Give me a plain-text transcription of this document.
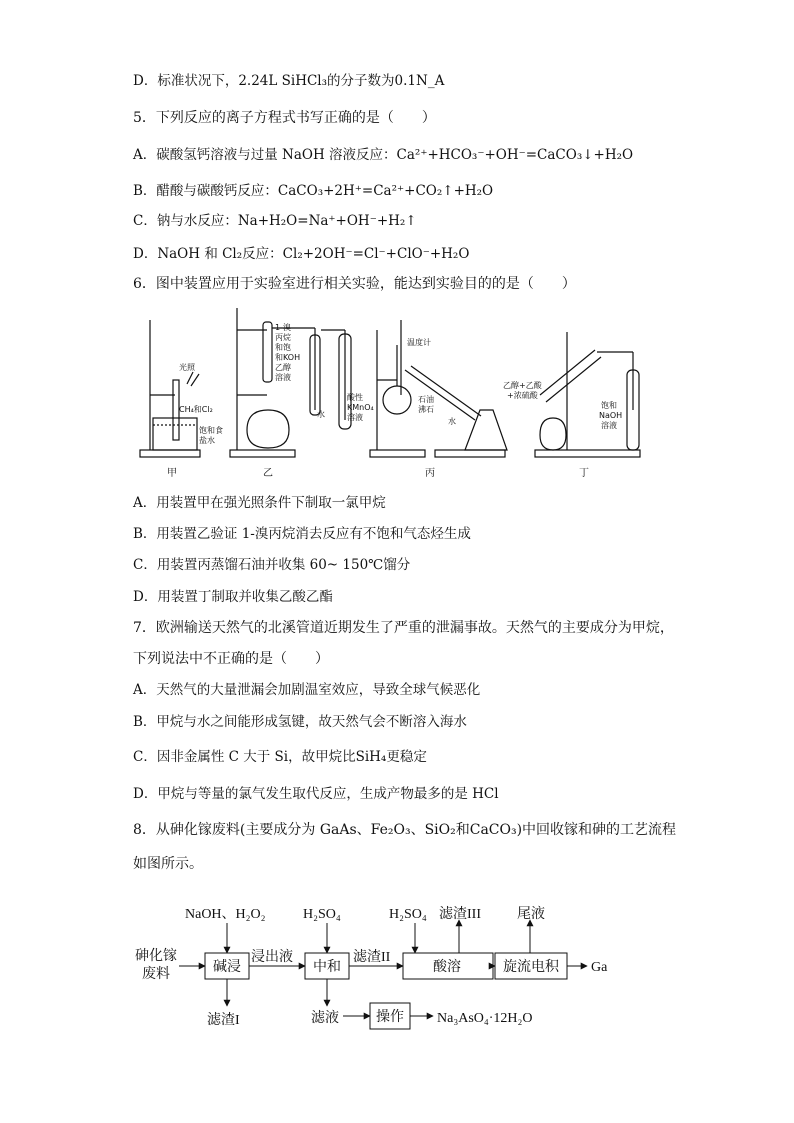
D．标准状况下，2.24L SiHCl₃的分子数为0.1N_A
5．下列反应的离子方程式书写正确的是（　　）
A．碳酸氢钙溶液与过量 NaOH 溶液反应：Ca²⁺+HCO₃⁻+OH⁻=CaCO₃↓+H₂O
B．醋酸与碳酸钙反应：CaCO₃+2H⁺=Ca²⁺+CO₂↑+H₂O
C．钠与水反应：Na+H₂O=Na⁺+OH⁻+H₂↑
D．NaOH 和 Cl₂反应：Cl₂+2OH⁻=Cl⁻+ClO⁻+H₂O
6．图中装置应用于实验室进行相关实验，能达到实验目的的是（　　）
光照
CH₄和Cl₂
饱和食
盐水
甲
1-溴
丙烷
和饱
和KOH
乙醇
溶液
水
酸性
KMnO₄
溶液
乙
温度计
石油
沸石
水
丙
乙醇+乙酸
+浓硫酸
饱和
NaOH
溶液
丁
A．用装置甲在强光照条件下制取一氯甲烷
B．用装置乙验证 1-溴丙烷消去反应有不饱和气态烃生成
C．用装置丙蒸馏石油并收集 60~ 150℃馏分
D．用装置丁制取并收集乙酸乙酯
7．欧洲输送天然气的北溪管道近期发生了严重的泄漏事故。天然气的主要成分为甲烷，
下列说法中不正确的是（　　）
A．天然气的大量泄漏会加剧温室效应，导致全球气候恶化
B．甲烷与水之间能形成氢键，故天然气会不断溶入海水
C．因非金属性 C 大于 Si，故甲烷比SiH₄更稳定
D．甲烷与等量的氯气发生取代反应，生成产物最多的是 HCl
8．从砷化镓废料(主要成分为 GaAs、Fe₂O₃、SiO₂和CaCO₃)中回收镓和砷的工艺流程
如图所示。
砷化镓
废料
NaOH、H₂O₂
碱浸
浸出液
H₂SO₄
中和
滤渣II
H₂SO₄ 滤渣III
酸溶
尾液
旋流电积 Ga
滤渣I	滤液	操作 Na₃AsO₄·12H₂O
